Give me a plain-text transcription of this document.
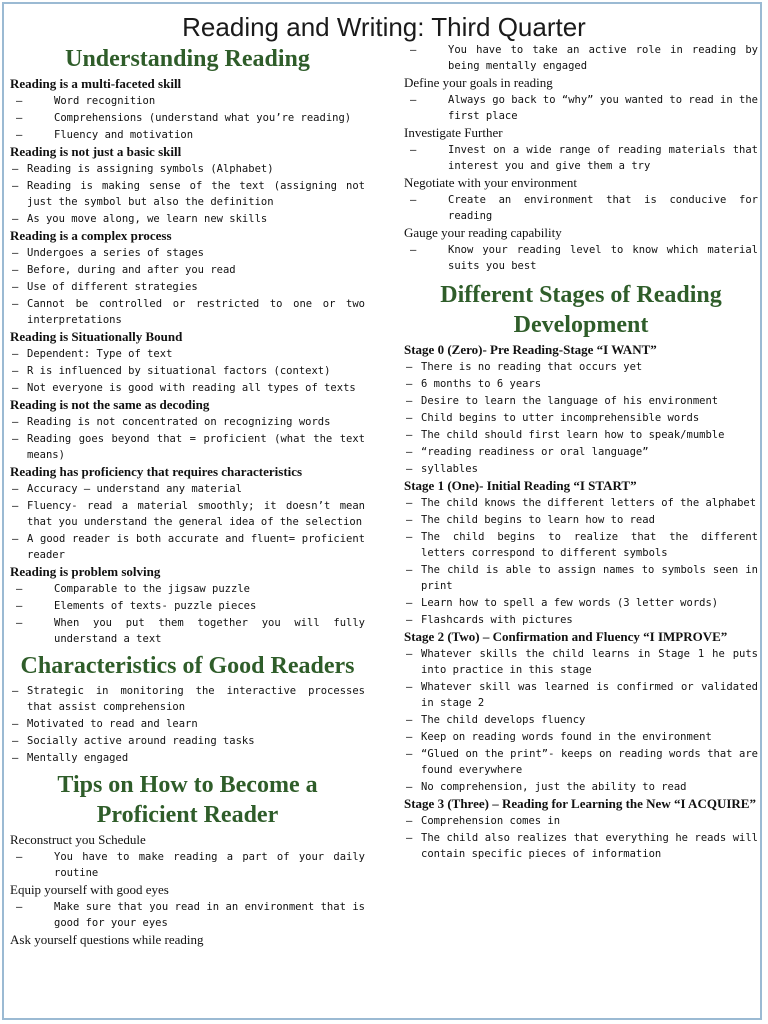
Reading and Writing: Third Quarter
Understanding Reading
Reading is a multi-faceted skill
– Word recognition
– Comprehensions (understand what you’re reading)
– Fluency and motivation
Reading is not just a basic skill
– Reading is assigning symbols (Alphabet)
– Reading is making sense of the text (assigning not just the symbol but also the definition
– As you move along, we learn new skills
Reading is a complex process
– Undergoes a series of stages
– Before, during and after you read
– Use of different strategies
– Cannot be controlled or restricted to one or two interpretations
Reading is Situationally Bound
– Dependent: Type of text
– R is influenced by situational factors (context)
– Not everyone is good with reading all types of texts
Reading is not the same as decoding
– Reading is not concentrated on recognizing words
– Reading goes beyond that = proficient (what the text means)
Reading has proficiency that requires characteristics
– Accuracy – understand any material
– Fluency- read a material smoothly; it doesn’t mean that you understand the general idea of the selection
– A good reader is both accurate and fluent= proficient reader
Reading is problem solving
– Comparable to the jigsaw puzzle
– Elements of texts- puzzle pieces
– When you put them together you will fully understand a text
Characteristics of Good Readers
– Strategic in monitoring the interactive processes that assist comprehension
– Motivated to read and learn
– Socially active around reading tasks
– Mentally engaged
Tips on How to Become a Proficient Reader
Reconstruct you Schedule
– You have to make reading a part of your daily routine
Equip yourself with good eyes
– Make sure that you read in an environment that is good for your eyes
Ask yourself questions while reading
– You have to take an active role in reading by being mentally engaged
Define your goals in reading
– Always go back to “why” you wanted to read in the first place
Investigate Further
– Invest on a wide range of reading materials that interest you and give them a try
Negotiate with your environment
– Create an environment that is conducive for reading
Gauge your reading capability
– Know your reading level to know which material suits you best
Different Stages of Reading Development
Stage 0 (Zero)- Pre Reading-Stage “I WANT”
– There is no reading that occurs yet
– 6 months to 6 years
– Desire to learn the language of his environment
– Child begins to utter incomprehensible words
– The child should first learn how to speak/mumble
– “reading readiness or oral language”
– syllables
Stage 1 (One)- Initial Reading “I START”
– The child knows the different letters of the alphabet
– The child begins to learn how to read
– The child begins to realize that the different letters correspond to different symbols
– The child is able to assign names to symbols seen in print
– Learn how to spell a few words (3 letter words)
– Flashcards with pictures
Stage 2 (Two) – Confirmation and Fluency “I IMPROVE”
– Whatever skills the child learns in Stage 1 he puts into practice in this stage
– Whatever skill was learned is confirmed or validated in stage 2
– The child develops fluency
– Keep on reading words found in the environment
– “Glued on the print”- keeps on reading words that are found everywhere
– No comprehension, just the ability to read
Stage 3 (Three) – Reading for Learning the New “I ACQUIRE”
– Comprehension comes in
– The child also realizes that everything he reads will contain specific pieces of information
